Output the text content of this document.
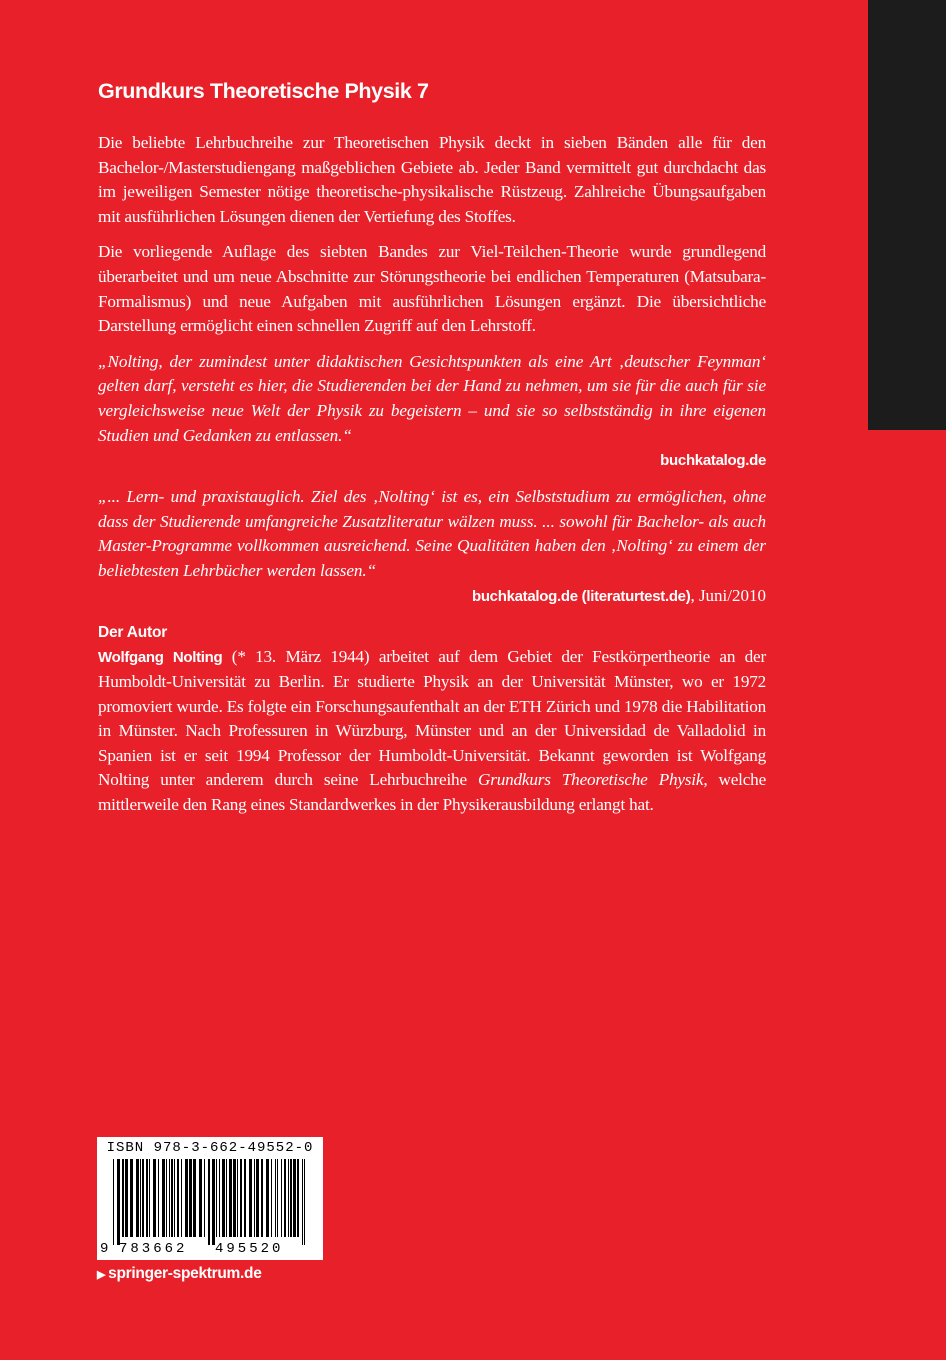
Grundkurs Theoretische Physik 7

Die beliebte Lehrbuchreihe zur Theoretischen Physik deckt in sieben Bänden alle für den Bachelor-/Masterstudiengang maßgeblichen Gebiete ab. Jeder Band vermittelt gut durchdacht das im jeweiligen Semester nötige theoretische-physikalische Rüstzeug. Zahlreiche Übungsaufgaben mit ausführlichen Lösungen dienen der Vertiefung des Stoffes.

Die vorliegende Auflage des siebten Bandes zur Viel-Teilchen-Theorie wurde grundlegend überarbeitet und um neue Abschnitte zur Störungstheorie bei endlichen Temperaturen (Matsubara-Formalismus) und neue Aufgaben mit ausführlichen Lösungen ergänzt. Die übersichtliche Darstellung ermöglicht einen schnellen Zugriff auf den Lehrstoff.

„Nolting, der zumindest unter didaktischen Gesichtspunkten als eine Art ‚deutscher Feynman‘ gelten darf, versteht es hier, die Studierenden bei der Hand zu nehmen, um sie für die auch für sie vergleichsweise neue Welt der Physik zu begeistern – und sie so selbstständig in ihre eigenen Studien und Gedanken zu entlassen.“

buchkatalog.de

„... Lern- und praxistauglich. Ziel des ‚Nolting‘ ist es, ein Selbststudium zu ermöglichen, ohne dass der Studierende umfangreiche Zusatzliteratur wälzen muss. ... sowohl für Bachelor- als auch Master-Programme vollkommen ausreichend. Seine Qualitäten haben den ‚Nolting‘ zu einem der beliebtesten Lehrbücher werden lassen.“

buchkatalog.de (literaturtest.de), Juni/2010

Der Autor

Wolfgang Nolting (* 13. März 1944) arbeitet auf dem Gebiet der Festkörpertheorie an der Humboldt-Universität zu Berlin. Er studierte Physik an der Universität Münster, wo er 1972 promoviert wurde. Es folgte ein Forschungsaufenthalt an der ETH Zürich und 1978 die Habilitation in Münster. Nach Professuren in Würzburg, Münster und an der Universidad de Valladolid in Spanien ist er seit 1994 Professor der Humboldt-Universität. Bekannt geworden ist Wolfgang Nolting unter anderem durch seine Lehrbuchreihe Grundkurs Theoretische Physik, welche mittlerweile den Rang eines Standardwerkes in der Physikerausbildung erlangt hat.

ISBN 978-3-662-49552-0
9 783662 495520
▶ springer-spektrum.de
